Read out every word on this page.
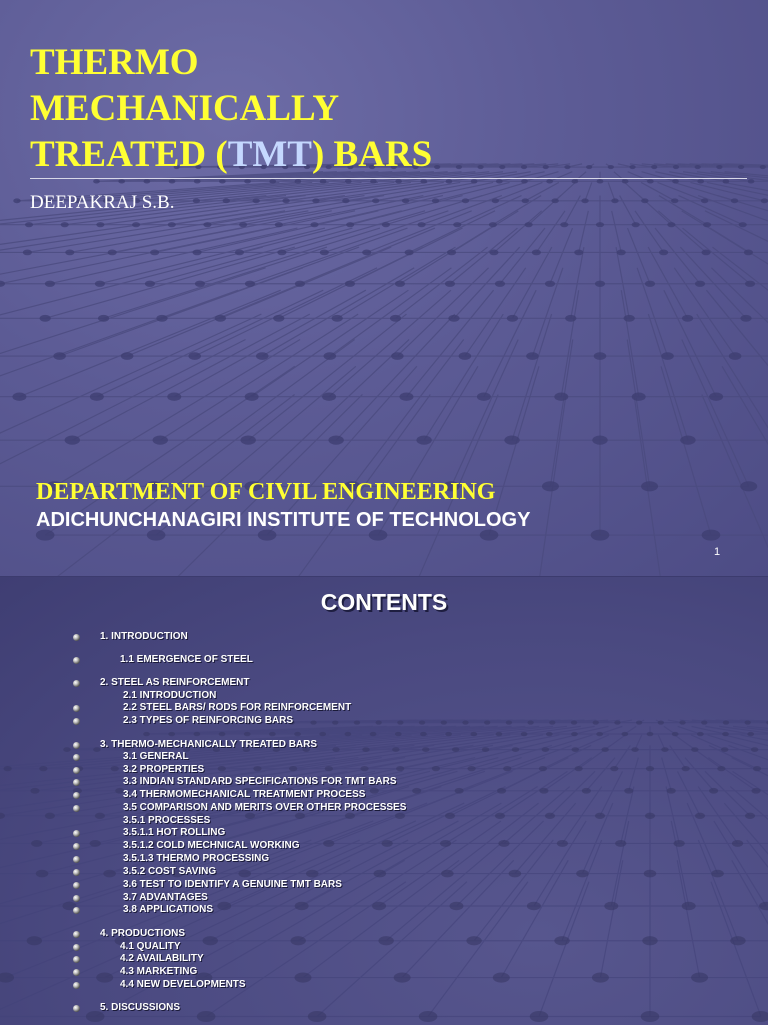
THERMO
MECHANICALLY
TREATED (TMT) BARS
DEEPAKRAJ S.B.
DEPARTMENT OF CIVIL ENGINEERING
ADICHUNCHANAGIRI INSTITUTE OF TECHNOLOGY
1
CONTENTS
1. INTRODUCTION
1.1 EMERGENCE OF STEEL
2. STEEL AS REINFORCEMENT
2.1 INTRODUCTION
2.2 STEEL BARS/ RODS FOR REINFORCEMENT
2.3 TYPES OF REINFORCING BARS
3. THERMO-MECHANICALLY TREATED BARS
3.1 GENERAL
3.2 PROPERTIES
3.3 INDIAN STANDARD SPECIFICATIONS FOR TMT BARS
3.4 THERMOMECHANICAL TREATMENT PROCESS
3.5 COMPARISON AND MERITS OVER OTHER PROCESSES
3.5.1 PROCESSES
3.5.1.1 HOT ROLLING
3.5.1.2 COLD MECHNICAL WORKING
3.5.1.3 THERMO PROCESSING
3.5.2 COST SAVING
3.6 TEST TO IDENTIFY A GENUINE TMT BARS
3.7 ADVANTAGES
3.8 APPLICATIONS
4. PRODUCTIONS
4.1 QUALITY
4.2 AVAILABILITY
4.3 MARKETING
4.4 NEW DEVELOPMENTS
5. DISCUSSIONS
